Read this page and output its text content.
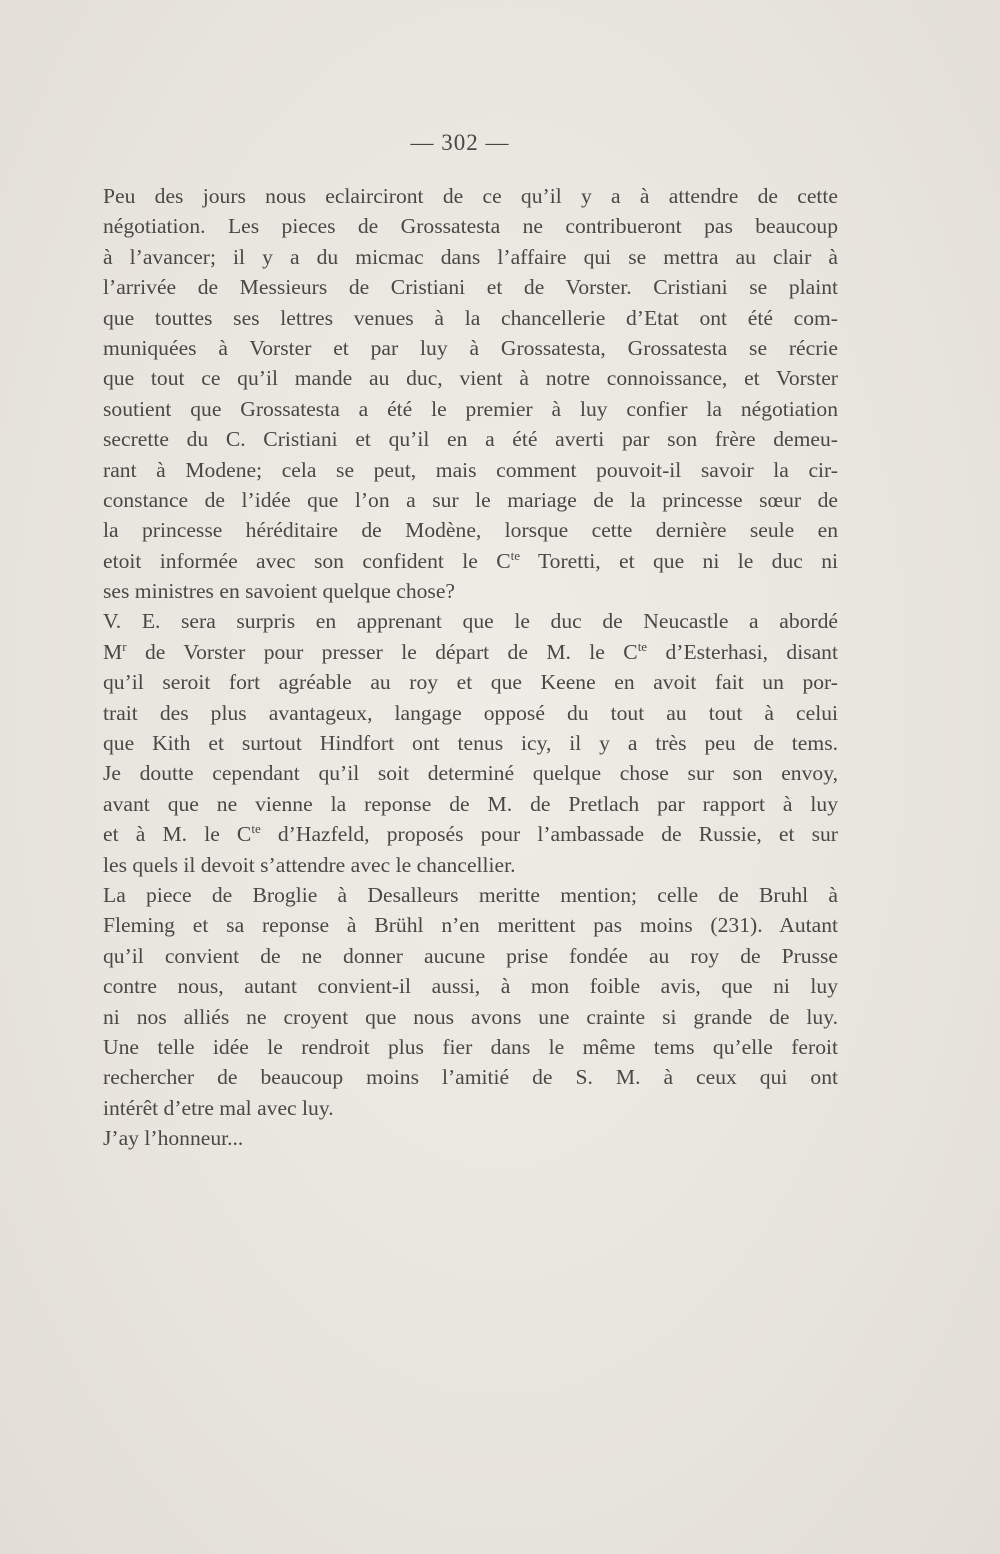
— 302 —
Peu des jours nous eclairciront de ce qu’il y a à attendre de cette
négotiation. Les pieces de Grossatesta ne contribueront pas beaucoup
à l’avancer; il y a du micmac dans l’affaire qui se mettra au clair à
l’arrivée de Messieurs de Cristiani et de Vorster. Cristiani se plaint
que touttes ses lettres venues à la chancellerie d’Etat ont été com-
muniquées à Vorster et par luy à Grossatesta, Grossatesta se récrie
que tout ce qu’il mande au duc, vient à notre connoissance, et Vorster
soutient que Grossatesta a été le premier à luy confier la négotiation
secrette du C. Cristiani et qu’il en a été averti par son frère demeu-
rant à Modene; cela se peut, mais comment pouvoit-il savoir la cir-
constance de l’idée que l’on a sur le mariage de la princesse sœur de
la princesse héréditaire de Modène, lorsque cette dernière seule en
etoit informée avec son confident le $C^{te}$ Toretti, et que ni le duc ni
ses ministres en savoient quelque chose?
V. E. sera surpris en apprenant que le duc de Neucastle a abordé
$M^r$ de Vorster pour presser le départ de M. le $C^{te}$ d’Esterhasi, disant
qu’il seroit fort agréable au roy et que Keene en avoit fait un por-
trait des plus avantageux, langage opposé du tout au tout à celui
que Kith et surtout Hindfort ont tenus icy, il y a très peu de tems.
Je doutte cependant qu’il soit determiné quelque chose sur son envoy,
avant que ne vienne la reponse de M. de Pretlach par rapport à luy
et à M. le $C^{te}$ d’Hazfeld, proposés pour l’ambassade de Russie, et sur
les quels il devoit s’attendre avec le chancellier.
La piece de Broglie à Desalleurs meritte mention; celle de Bruhl à
Fleming et sa reponse à Brühl n’en merittent pas moins (231). Autant
qu’il convient de ne donner aucune prise fondée au roy de Prusse
contre nous, autant convient-il aussi, à mon foible avis, que ni luy
ni nos alliés ne croyent que nous avons une crainte si grande de luy.
Une telle idée le rendroit plus fier dans le même tems qu’elle feroit
rechercher de beaucoup moins l’amitié de S. M. à ceux qui ont
intérêt d’etre mal avec luy.
J’ay l’honneur...
